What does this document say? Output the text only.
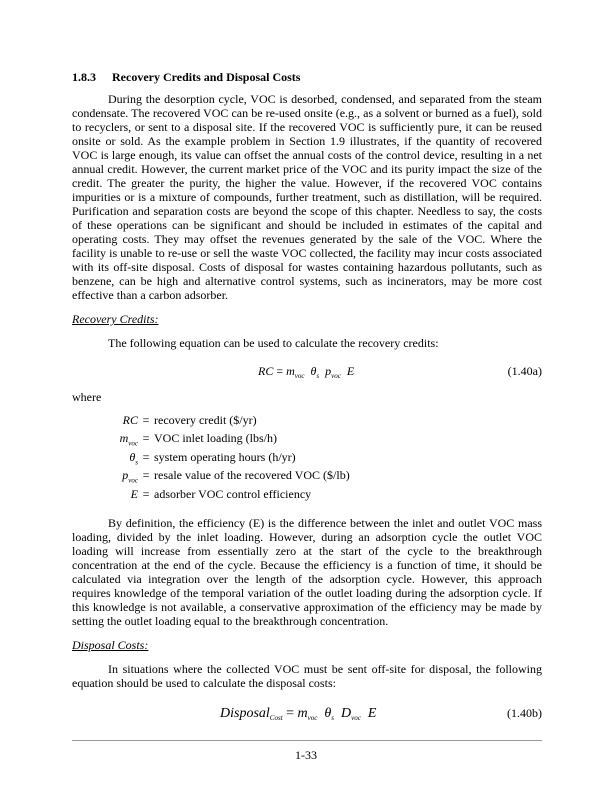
1.8.3 Recovery Credits and Disposal Costs

During the desorption cycle, VOC is desorbed, condensed, and separated from the steam condensate. The recovered VOC can be re-used onsite (e.g., as a solvent or burned as a fuel), sold to recyclers, or sent to a disposal site. If the recovered VOC is sufficiently pure, it can be reused onsite or sold. As the example problem in Section 1.9 illustrates, if the quantity of recovered VOC is large enough, its value can offset the annual costs of the control device, resulting in a net annual credit. However, the current market price of the VOC and its purity impact the size of the credit. The greater the purity, the higher the value. However, if the recovered VOC contains impurities or is a mixture of compounds, further treatment, such as distillation, will be required. Purification and separation costs are beyond the scope of this chapter. Needless to say, the costs of these operations can be significant and should be included in estimates of the capital and operating costs. They may offset the revenues generated by the sale of the VOC. Where the facility is unable to re-use or sell the waste VOC collected, the facility may incur costs associated with its off-site disposal. Costs of disposal for wastes containing hazardous pollutants, such as benzene, can be high and alternative control systems, such as incinerators, may be more cost effective than a carbon adsorber.

Recovery Credits:

The following equation can be used to calculate the recovery credits:

RC = $m_{voc}$ $\theta_s$ $p_{voc}$ E	(1.40a)
where
RC	=	recovery credit ($/yr)
$m_{voc}$	=	VOC inlet loading (lbs/h)
$\theta_s$	=	system operating hours (h/yr)
$p_{voc}$	=	resale value of the recovered VOC ($/lb)
E	=	adsorber VOC control efficiency

By definition, the efficiency (E) is the difference between the inlet and outlet VOC mass loading, divided by the inlet loading. However, during an adsorption cycle the outlet VOC loading will increase from essentially zero at the start of the cycle to the breakthrough concentration at the end of the cycle. Because the efficiency is a function of time, it should be calculated via integration over the length of the adsorption cycle. However, this approach requires knowledge of the temporal variation of the outlet loading during the adsorption cycle. If this knowledge is not available, a conservative approximation of the efficiency may be made by setting the outlet loading equal to the breakthrough concentration.

Disposal Costs:

In situations where the collected VOC must be sent off-site for disposal, the following equation should be used to calculate the disposal costs:

Disposal$_{Cost}$ = $m_{voc}$ $\theta_s$ $D_{voc}$ E	(1.40b)
1-33
